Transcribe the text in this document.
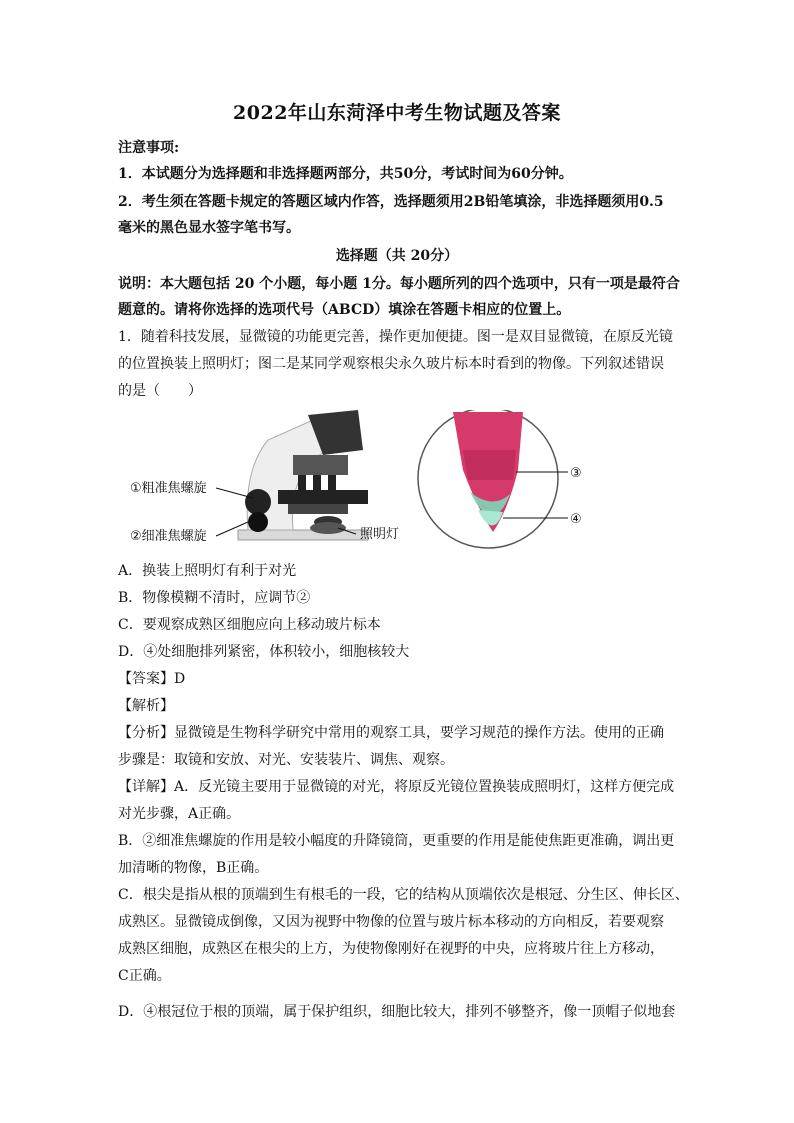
2022年山东菏泽中考生物试题及答案
注意事项:
1．本试题分为选择题和非选择题两部分，共50分，考试时间为60分钟。
2．考生须在答题卡规定的答题区域内作答，选择题须用2B铅笔填涂，非选择题须用0.5
毫米的黑色显水签字笔书写。
选择题（共 20分）
说明：本大题包括 20 个小题，每小题 1分。每小题所列的四个选项中，只有一项是最符合
题意的。请将你选择的选项代号（ABCD）填涂在答题卡相应的位置上。
1．随着科技发展，显微镜的功能更完善，操作更加便捷。图一是双目显微镜，在原反光镜
的位置换装上照明灯；图二是某同学观察根尖永久玻片标本时看到的物像。下列叙述错误
的是（　　）
①粗准焦螺旋
②细准焦螺旋	照明灯
③
④
A．换装上照明灯有利于对光
B．物像模糊不清时，应调节②
C．要观察成熟区细胞应向上移动玻片标本
D．④处细胞排列紧密，体积较小，细胞核较大
【答案】D
【解析】
【分析】显微镜是生物科学研究中常用的观察工具，要学习规范的操作方法。使用的正确
步骤是：取镜和安放、对光、安装装片、调焦、观察。
【详解】A．反光镜主要用于显微镜的对光，将原反光镜位置换装成照明灯，这样方便完成
对光步骤，A正确。
B．②细准焦螺旋的作用是较小幅度的升降镜筒，更重要的作用是能使焦距更准确，调出更
加清晰的物像，B正确。
C．根尖是指从根的顶端到生有根毛的一段，它的结构从顶端依次是根冠、分生区、伸长区、
成熟区。显微镜成倒像，又因为视野中物像的位置与玻片标本移动的方向相反，若要观察
成熟区细胞，成熟区在根尖的上方，为使物像刚好在视野的中央，应将玻片往上方移动，
C正确。
D．④根冠位于根的顶端，属于保护组织，细胞比较大，排列不够整齐，像一顶帽子似地套
